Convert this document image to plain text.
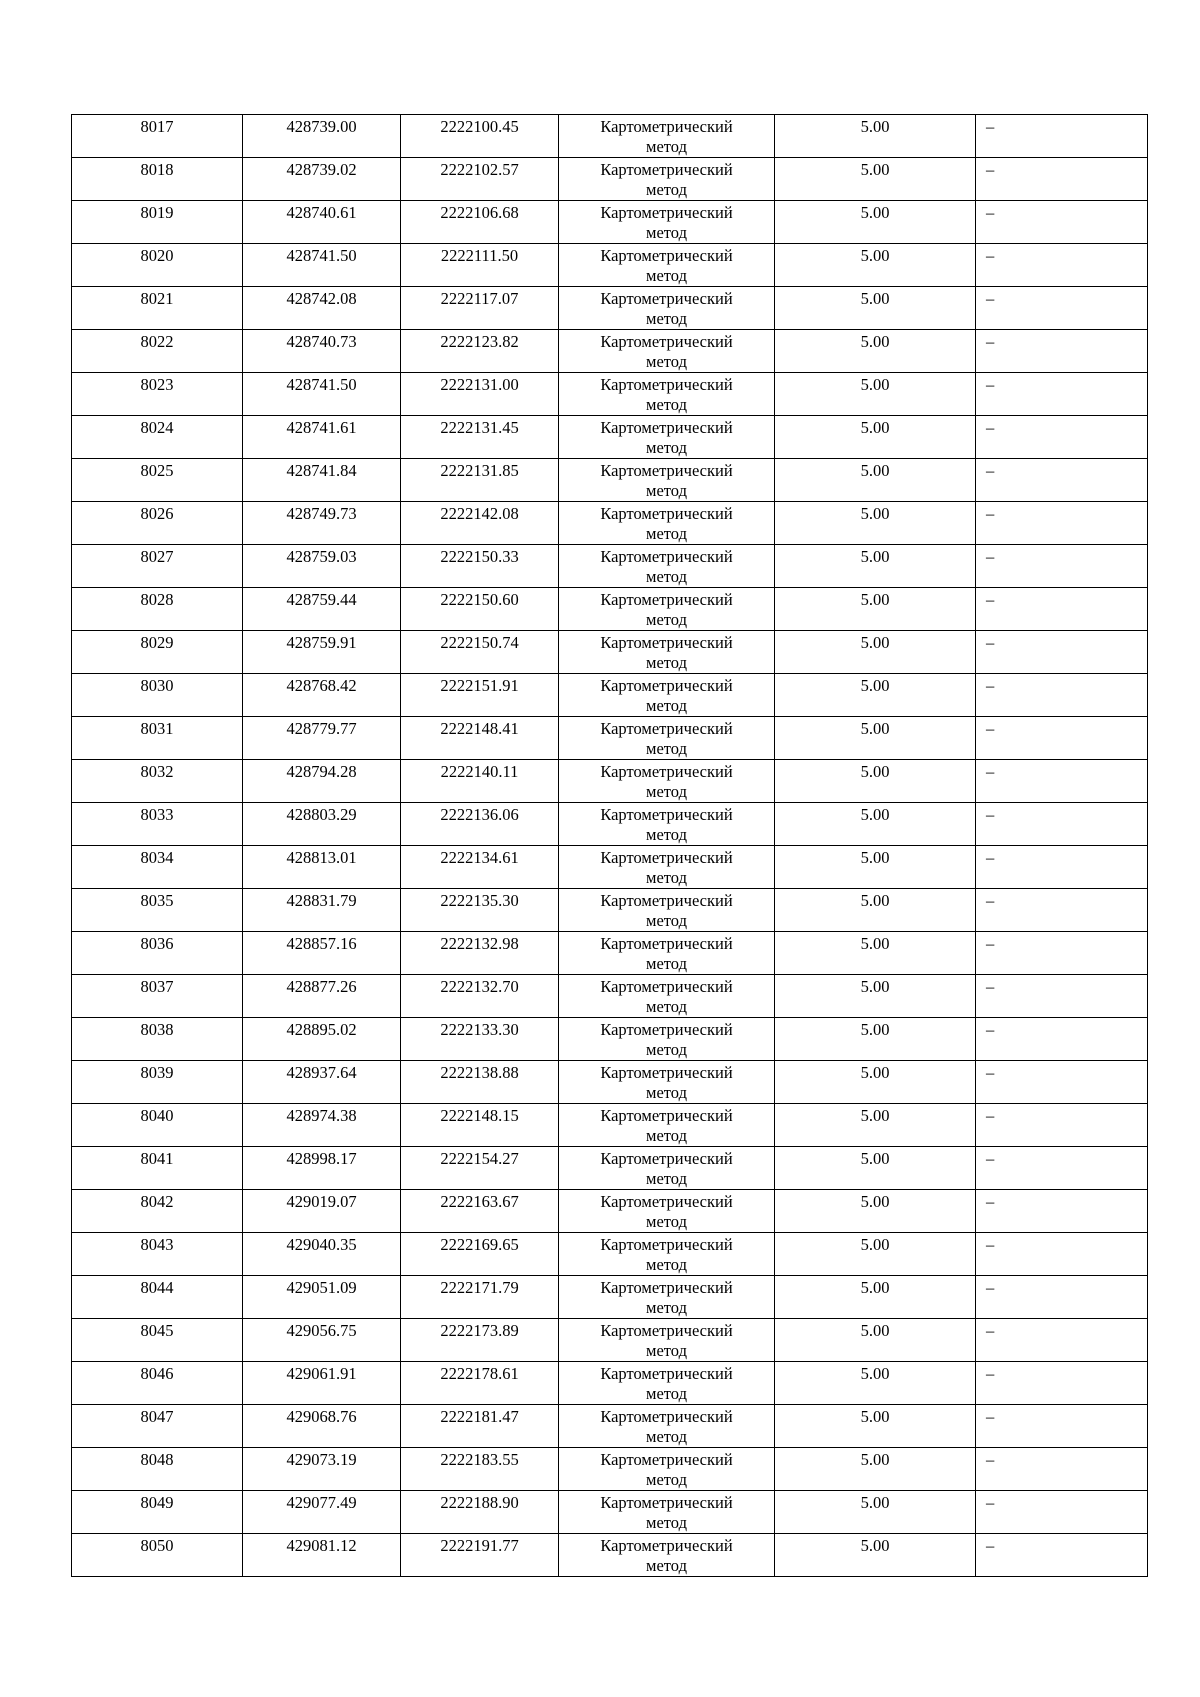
8017	428739.00	2222100.45	Картометрический
метод	5.00	–

8018	428739.02	2222102.57	Картометрический
метод	5.00	–

8019	428740.61	2222106.68	Картометрический
метод	5.00	–

8020	428741.50	2222111.50	Картометрический
метод	5.00	–

8021	428742.08	2222117.07	Картометрический
метод	5.00	–

8022	428740.73	2222123.82	Картометрический
метод	5.00	–

8023	428741.50	2222131.00	Картометрический
метод	5.00	–

8024	428741.61	2222131.45	Картометрический
метод	5.00	–

8025	428741.84	2222131.85	Картометрический
метод	5.00	–

8026	428749.73	2222142.08	Картометрический
метод	5.00	–

8027	428759.03	2222150.33	Картометрический
метод	5.00	–

8028	428759.44	2222150.60	Картометрический
метод	5.00	–

8029	428759.91	2222150.74	Картометрический
метод	5.00	–

8030	428768.42	2222151.91	Картометрический
метод	5.00	–

8031	428779.77	2222148.41	Картометрический
метод	5.00	–

8032	428794.28	2222140.11	Картометрический
метод	5.00	–

8033	428803.29	2222136.06	Картометрический
метод	5.00	–

8034	428813.01	2222134.61	Картометрический
метод	5.00	–

8035	428831.79	2222135.30	Картометрический
метод	5.00	–

8036	428857.16	2222132.98	Картометрический
метод	5.00	–

8037	428877.26	2222132.70	Картометрический
метод	5.00	–

8038	428895.02	2222133.30	Картометрический
метод	5.00	–

8039	428937.64	2222138.88	Картометрический
метод	5.00	–

8040	428974.38	2222148.15	Картометрический
метод	5.00	–

8041	428998.17	2222154.27	Картометрический
метод	5.00	–

8042	429019.07	2222163.67	Картометрический
метод	5.00	–

8043	429040.35	2222169.65	Картометрический
метод	5.00	–

8044	429051.09	2222171.79	Картометрический
метод	5.00	–

8045	429056.75	2222173.89	Картометрический
метод	5.00	–

8046	429061.91	2222178.61	Картометрический
метод	5.00	–

8047	429068.76	2222181.47	Картометрический
метод	5.00	–

8048	429073.19	2222183.55	Картометрический
метод	5.00	–

8049	429077.49	2222188.90	Картометрический
метод	5.00	–

8050	429081.12	2222191.77	Картометрический
метод	5.00	–
